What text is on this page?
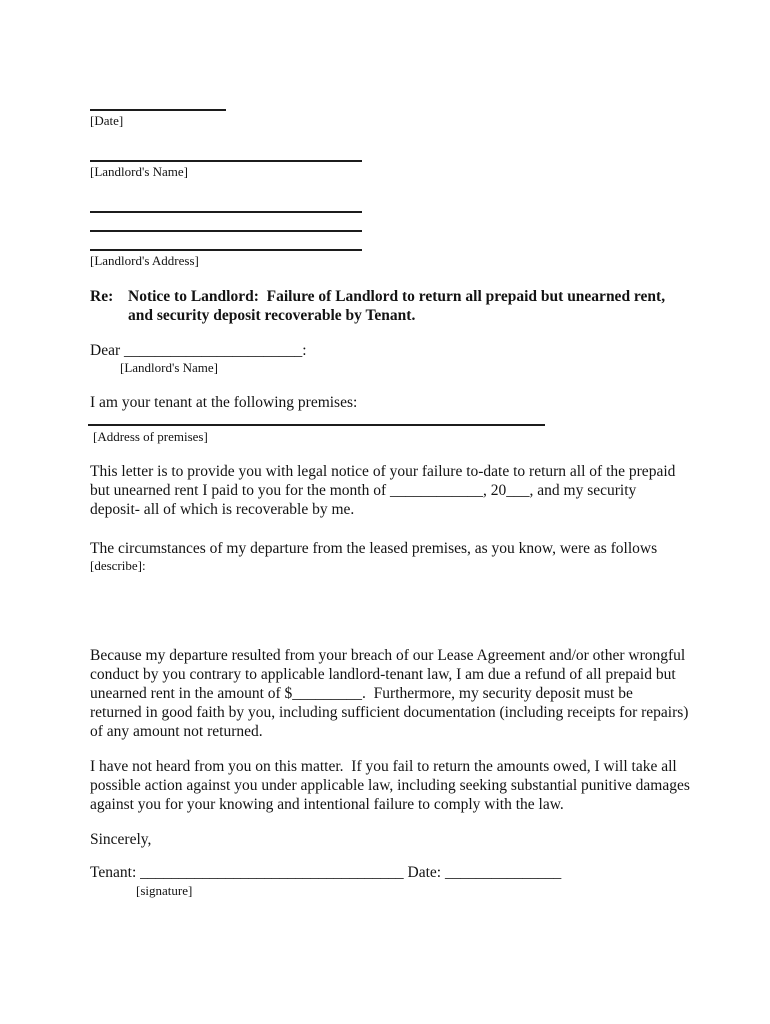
[Date]
[Landlord's Name]
[Landlord's Address]
Re: Notice to Landlord:  Failure of Landlord to return all prepaid but unearned rent,
and security deposit recoverable by Tenant.
Dear _______________________:
[Landlord's Name]
I am your tenant at the following premises:
[Address of premises]
This letter is to provide you with legal notice of your failure to-date to return all of the prepaid
but unearned rent I paid to you for the month of ____________, 20___, and my security
deposit- all of which is recoverable by me.
The circumstances of my departure from the leased premises, as you know, were as follows
[describe]:
Because my departure resulted from your breach of our Lease Agreement and/or other wrongful
conduct by you contrary to applicable landlord-tenant law, I am due a refund of all prepaid but
unearned rent in the amount of $_________.  Furthermore, my security deposit must be
returned in good faith by you, including sufficient documentation (including receipts for repairs)
of any amount not returned.
I have not heard from you on this matter.  If you fail to return the amounts owed, I will take all
possible action against you under applicable law, including seeking substantial punitive damages
against you for your knowing and intentional failure to comply with the law.
Sincerely,
Tenant: __________________________________ Date: _______________
[signature]
